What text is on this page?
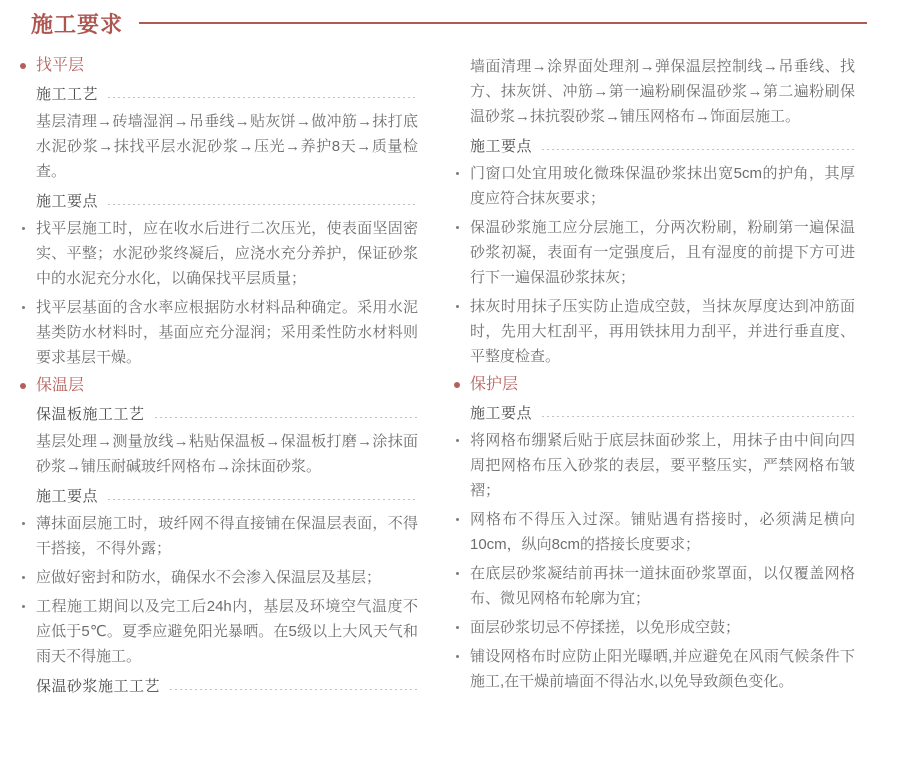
施工要求
找平层
施工工艺
基层清理→砖墙湿润→吊垂线→贴灰饼→做冲筋→抹打底水泥砂浆→抹找平层水泥砂浆→压光→养护8天→质量检查。
施工要点
找平层施工时，应在收水后进行二次压光，使表面坚固密实、平整；水泥砂浆终凝后，应浇水充分养护，保证砂浆中的水泥充分水化，以确保找平层质量；
找平层基面的含水率应根据防水材料品种确定。采用水泥基类防水材料时，基面应充分湿润；采用柔性防水材料则要求基层干燥。
保温层
保温板施工工艺
基层处理→测量放线→粘贴保温板→保温板打磨→涂抹面砂浆→铺压耐碱玻纤网格布→涂抹面砂浆。
施工要点
薄抹面层施工时，玻纤网不得直接铺在保温层表面，不得干搭接，不得外露；
应做好密封和防水，确保水不会渗入保温层及基层；
工程施工期间以及完工后24h内，基层及环境空气温度不应低于5℃。夏季应避免阳光暴晒。在5级以上大风天气和雨天不得施工。
保温砂浆施工工艺
墙面清理→涂界面处理剂→弹保温层控制线→吊垂线、找方、抹灰饼、冲筋→第一遍粉刷保温砂浆→第二遍粉刷保温砂浆→抹抗裂砂浆→铺压网格布→饰面层施工。
施工要点
门窗口处宜用玻化微珠保温砂浆抹出宽5cm的护角，其厚度应符合抹灰要求；
保温砂浆施工应分层施工，分两次粉刷，粉刷第一遍保温砂浆初凝，表面有一定强度后，且有湿度的前提下方可进行下一遍保温砂浆抹灰；
抹灰时用抹子压实防止造成空鼓，当抹灰厚度达到冲筋面时，先用大杠刮平，再用铁抹用力刮平，并进行垂直度、平整度检查。
保护层
施工要点
将网格布绷紧后贴于底层抹面砂浆上，用抹子由中间向四周把网格布压入砂浆的表层，要平整压实，严禁网格布皱褶；
网格布不得压入过深。铺贴遇有搭接时，必须满足横向10cm，纵向8cm的搭接长度要求；
在底层砂浆凝结前再抹一道抹面砂浆罩面，以仅覆盖网格布、微见网格布轮廓为宜；
面层砂浆切忌不停揉搓，以免形成空鼓；
铺设网格布时应防止阳光曝晒,并应避免在风雨气候条件下施工,在干燥前墙面不得沾水,以免导致颜色变化。
